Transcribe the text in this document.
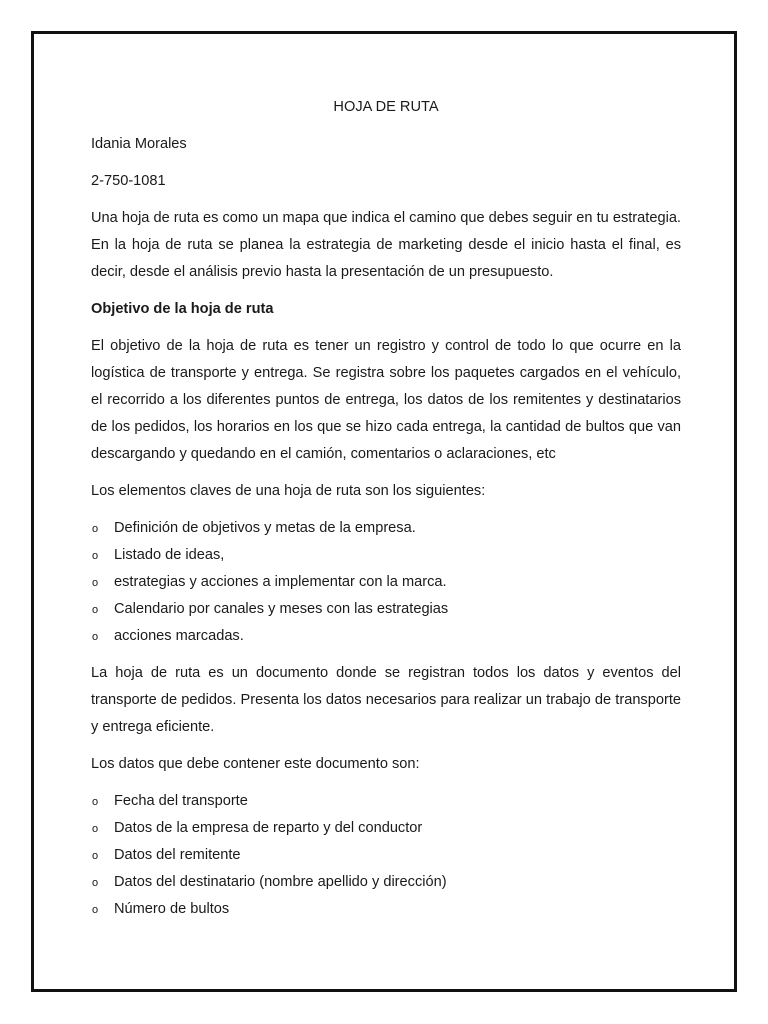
HOJA DE RUTA
Idania Morales
2-750-1081
Una hoja de ruta es como un mapa que indica el camino que debes seguir en tu estrategia. En la hoja de ruta se planea la estrategia de marketing desde el inicio hasta el final, es decir, desde el análisis previo hasta la presentación de un presupuesto.
Objetivo de la hoja de ruta
El objetivo de la hoja de ruta es tener un registro y control de todo lo que ocurre en la logística de transporte y entrega. Se registra sobre los paquetes cargados en el vehículo, el recorrido a los diferentes puntos de entrega, los datos de los remitentes y destinatarios de los pedidos, los horarios en los que se hizo cada entrega, la cantidad de bultos que van descargando y quedando en el camión, comentarios o aclaraciones, etc
Los elementos claves de una hoja de ruta son los siguientes:
o Definición de objetivos y metas de la empresa.
o Listado de ideas,
o estrategias y acciones a implementar con la marca.
o Calendario por canales y meses con las estrategias
o acciones marcadas.
La hoja de ruta es un documento donde se registran todos los datos y eventos del transporte de pedidos. Presenta los datos necesarios para realizar un trabajo de transporte y entrega eficiente.
Los datos que debe contener este documento son:
o Fecha del transporte
o Datos de la empresa de reparto y del conductor
o Datos del remitente
o Datos del destinatario (nombre apellido y dirección)
o Número de bultos
